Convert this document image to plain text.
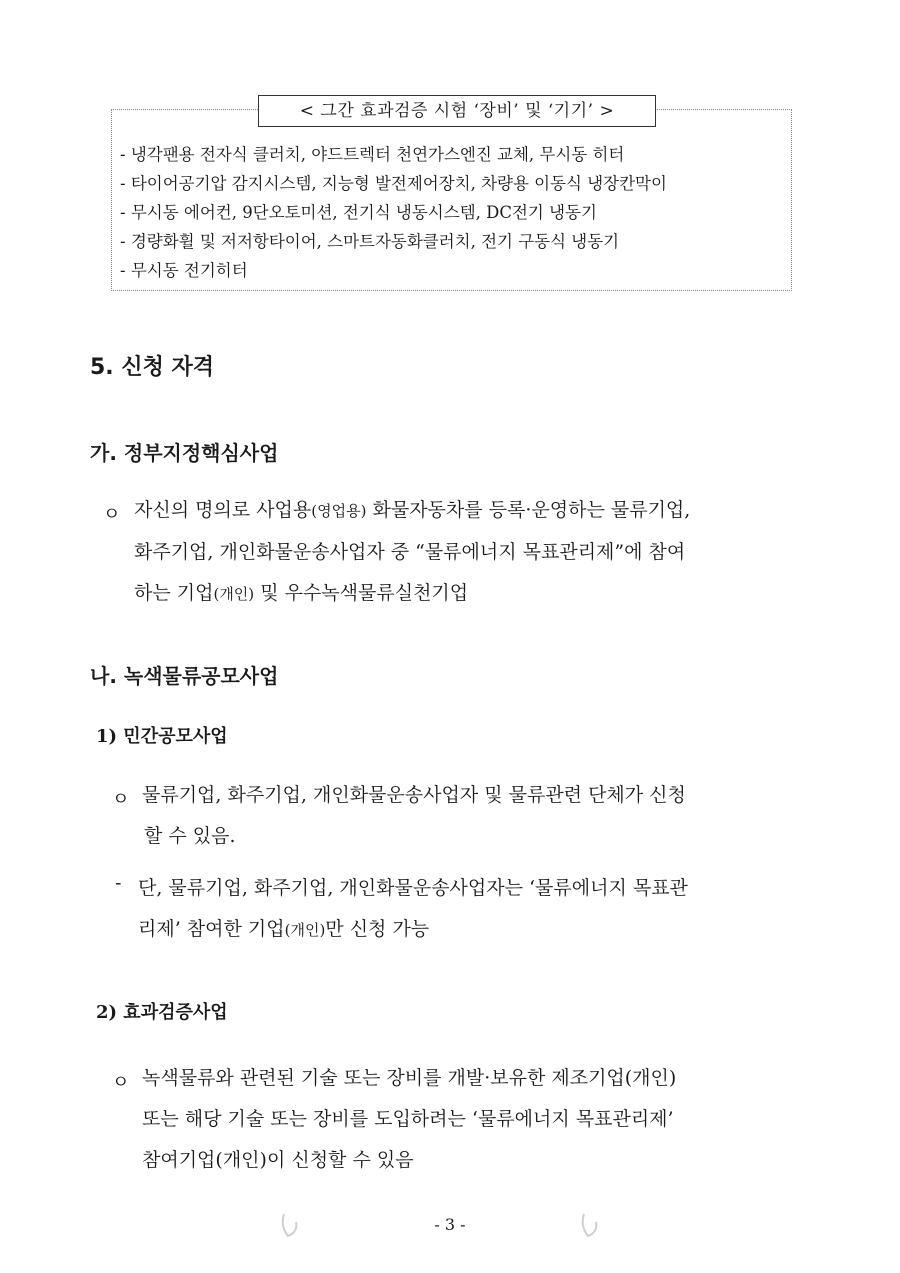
< 그간 효과검증 시험 ‘장비’ 및 ‘기기’ >
- 냉각팬용 전자식 클러치, 야드트렉터 천연가스엔진 교체, 무시동 히터
- 타이어공기압 감지시스템, 지능형 발전제어장치, 차량용 이동식 냉장칸막이
- 무시동 에어컨, 9단오토미션, 전기식 냉동시스템, DC전기 냉동기
- 경량화휠 및 저저항타이어, 스마트자동화클러치, 전기 구동식 냉동기
- 무시동 전기히터
5. 신청 자격
가. 정부지정핵심사업
ㅇ 자신의 명의로 사업용(영업용) 화물자동차를 등록·운영하는 물류기업,
화주기업, 개인화물운송사업자 중 “물류에너지 목표관리제”에 참여
하는 기업(개인) 및 우수녹색물류실천기업
나. 녹색물류공모사업
1) 민간공모사업
ㅇ 물류기업, 화주기업, 개인화물운송사업자 및 물류관련 단체가 신청
할 수 있음.
- 단, 물류기업, 화주기업, 개인화물운송사업자는 ‘물류에너지 목표관
리제’ 참여한 기업(개인)만 신청 가능
2) 효과검증사업
ㅇ 녹색물류와 관련된 기술 또는 장비를 개발·보유한 제조기업(개인)
또는 해당 기술 또는 장비를 도입하려는 ‘물류에너지 목표관리제’
참여기업(개인)이 신청할 수 있음
- 3 -
